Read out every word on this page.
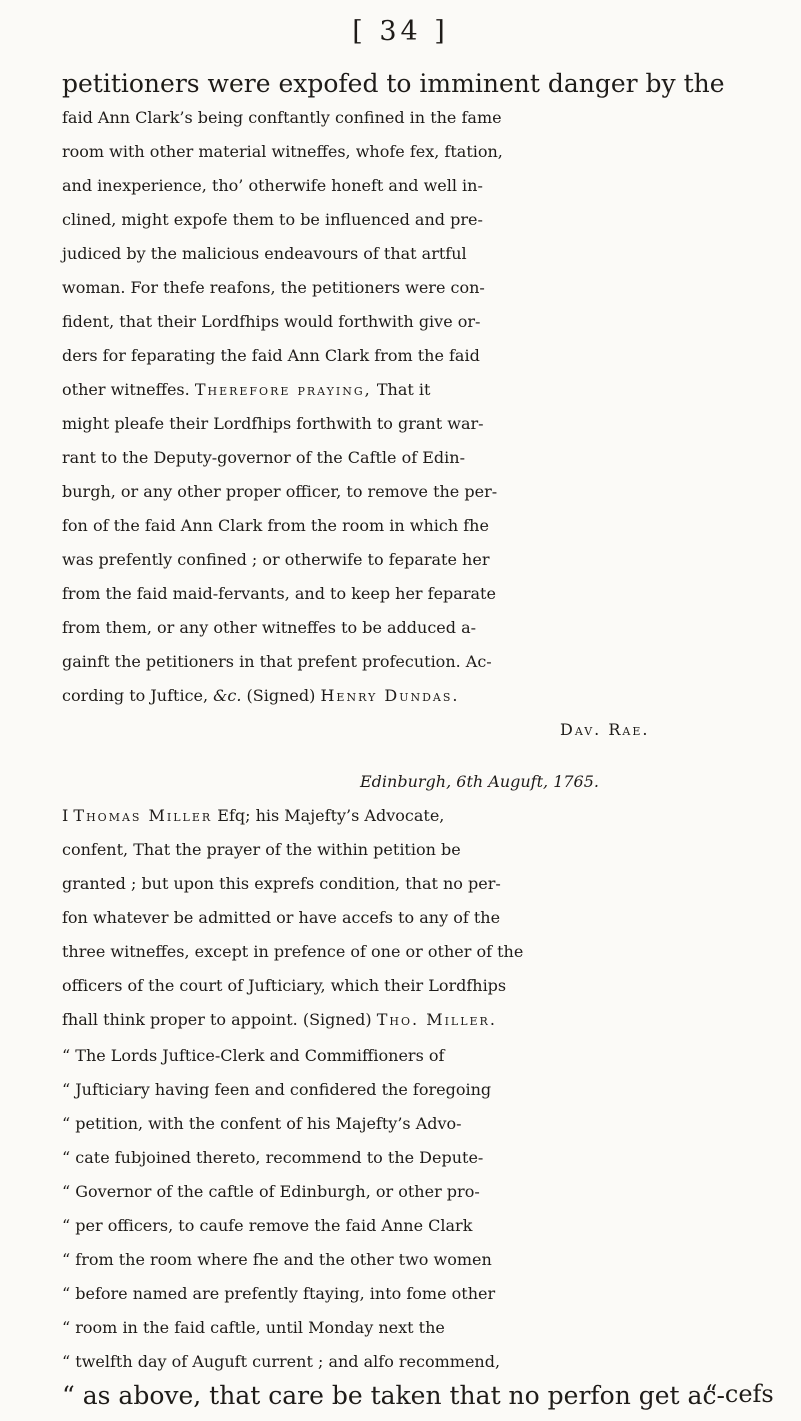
[ 34 ]

petitioners were expofed to imminent danger by the

faid Ann Clark’s being conftantly confined in the fame

room with other material witneffes, whofe fex, ftation,

and inexperience, tho’ otherwife honeft and well in-

clined, might expofe them to be influenced and pre-

judiced by the malicious endeavours of that artful

woman. For thefe reafons, the petitioners were con-

fident, that their Lordfhips would forthwith give or-

ders for feparating the faid Ann Clark from the faid

other witneffes. Therefore praying, That it

might pleafe their Lordfhips forthwith to grant war-

rant to the Deputy-governor of the Caftle of Edin-

burgh, or any other proper officer, to remove the per-

fon of the faid Ann Clark from the room in which fhe

was prefently confined ; or otherwife to feparate her

from the faid maid-fervants, and to keep her feparate

from them, or any other witneffes to be adduced a-

gainft the petitioners in that prefent profecution. Ac-

cording to Juftice, &c. (Signed) Henry Dundas.

Dav. Rae.

Edinburgh, 6th Auguft, 1765.

I Thomas Miller Efq; his Majefty’s Advocate,

confent, That the prayer of the within petition be

granted ; but upon this exprefs condition, that no per-

fon whatever be admitted or have accefs to any of the

three witneffes, except in prefence of one or other of the

officers of the court of Jufticiary, which their Lordfhips

fhall think proper to appoint. (Signed) Tho. Miller.

“ The Lords Juftice-Clerk and Commiffioners of

“ Jufticiary having feen and confidered the foregoing

“ petition, with the confent of his Majefty’s Advo-

“ cate fubjoined thereto, recommend to the Depute-

“ Governor of the caftle of Edinburgh, or other pro-

“ per officers, to caufe remove the faid Anne Clark

“ from the room where fhe and the other two women

“ before named are prefently ftaying, into fome other

“ room in the faid caftle, until Monday next the

“ twelfth day of Auguft current ; and alfo recommend,

“ as above, that care be taken that no perfon get ac-

“ cefs
